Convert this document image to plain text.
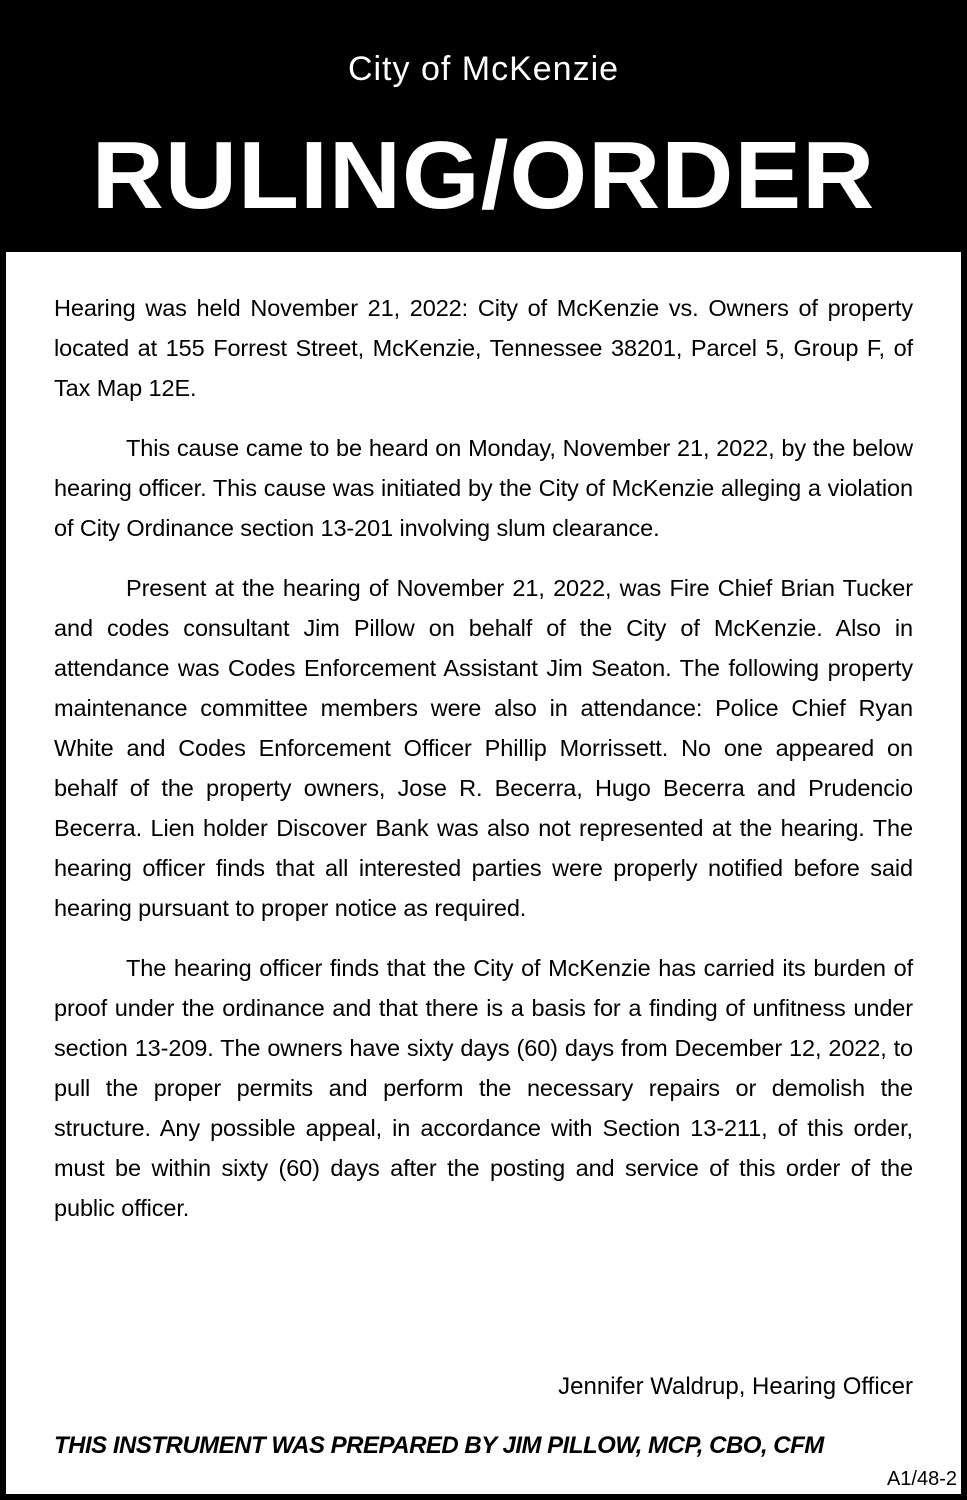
City of McKenzie
RULING/ORDER

Hearing was held November 21, 2022: City of McKenzie vs. Owners of property located at 155 Forrest Street, McKenzie, Tennessee 38201, Parcel 5, Group F, of Tax Map 12E.

This cause came to be heard on Monday, November 21, 2022, by the below hearing officer. This cause was initiated by the City of McKenzie alleging a violation of City Ordinance section 13-201 involving slum clearance.

Present at the hearing of November 21, 2022, was Fire Chief Brian Tucker and codes consultant Jim Pillow on behalf of the City of McKenzie. Also in attendance was Codes Enforcement Assistant Jim Seaton. The following property maintenance committee members were also in attendance: Police Chief Ryan White and Codes Enforcement Officer Phillip Morrissett. No one appeared on behalf of the property owners, Jose R. Becerra, Hugo Becerra and Prudencio Becerra. Lien holder Discover Bank was also not represented at the hearing. The hearing officer finds that all interested parties were properly notified before said hearing pursuant to proper notice as required.

The hearing officer finds that the City of McKenzie has carried its burden of proof under the ordinance and that there is a basis for a finding of unfitness under section 13-209. The owners have sixty days (60) days from December 12, 2022, to pull the proper permits and perform the necessary repairs or demolish the structure. Any possible appeal, in accordance with Section 13-211, of this order, must be within sixty (60) days after the posting and service of this order of the public officer.

Jennifer Waldrup, Hearing Officer
THIS INSTRUMENT WAS PREPARED BY JIM PILLOW, MCP, CBO, CFM
A1/48-2
